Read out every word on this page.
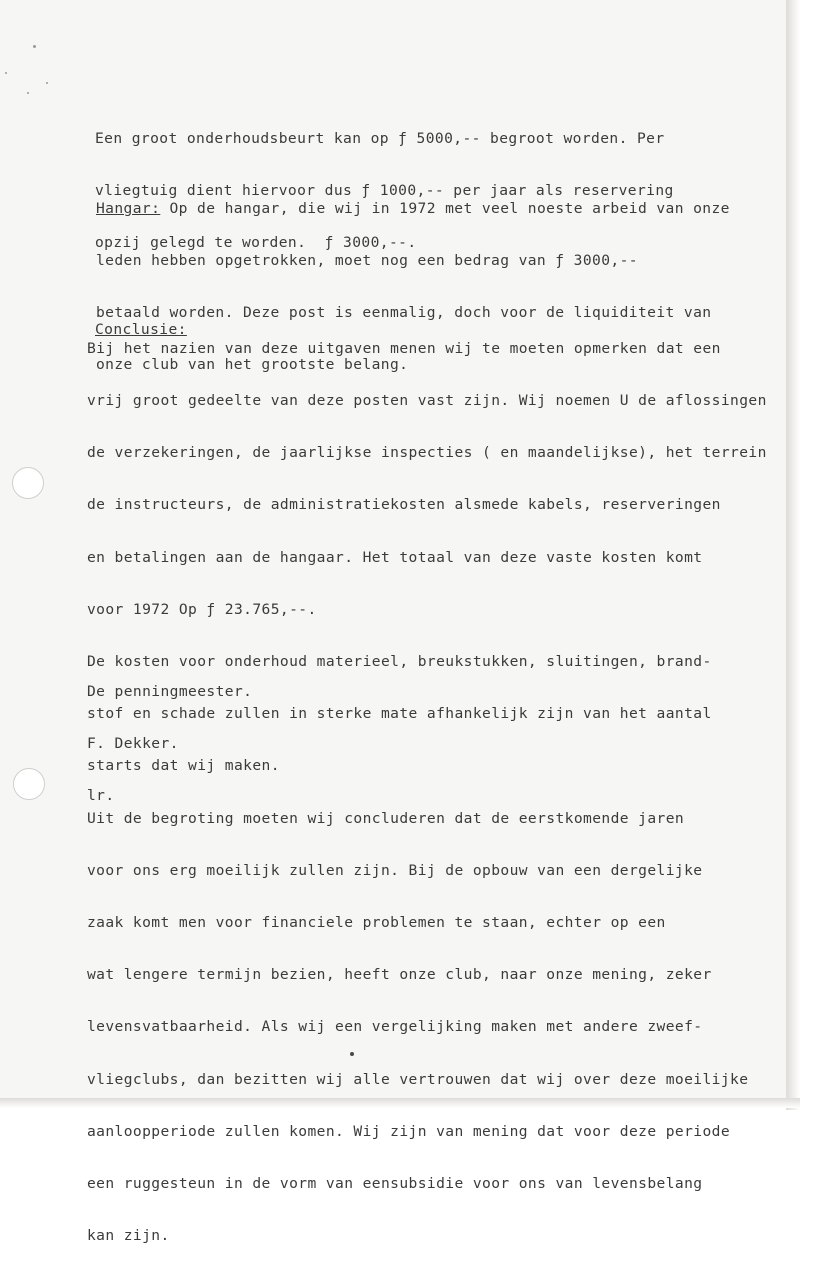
Een groot onderhoudsbeurt kan op ƒ 5000,-- begroot worden. Per

vliegtuig dient hiervoor dus ƒ 1000,-- per jaar als reservering

opzij gelegd te worden.  ƒ 3000,--.

Hangar: Op de hangar, die wij in 1972 met veel noeste arbeid van onze

leden hebben opgetrokken, moet nog een bedrag van ƒ 3000,--

betaald worden. Deze post is eenmalig, doch voor de liquiditeit van

onze club van het grootste belang.

Conclusie:

Bij het nazien van deze uitgaven menen wij te moeten opmerken dat een

vrij groot gedeelte van deze posten vast zijn. Wij noemen U de aflossingen

de verzekeringen, de jaarlijkse inspecties ( en maandelijkse), het terrein

de instructeurs, de administratiekosten alsmede kabels, reserveringen

en betalingen aan de hangaar. Het totaal van deze vaste kosten komt

voor 1972 Op ƒ 23.765,--.

De kosten voor onderhoud materieel, breukstukken, sluitingen, brand-

stof en schade zullen in sterke mate afhankelijk zijn van het aantal

starts dat wij maken.

Uit de begroting moeten wij concluderen dat de eerstkomende jaren

voor ons erg moeilijk zullen zijn. Bij de opbouw van een dergelijke

zaak komt men voor financiele problemen te staan, echter op een

wat lengere termijn bezien, heeft onze club, naar onze mening, zeker

levensvatbaarheid. Als wij een vergelijking maken met andere zweef-

vliegclubs, dan bezitten wij alle vertrouwen dat wij over deze moeilijke

aanloopperiode zullen komen. Wij zijn van mening dat voor deze periode

een ruggesteun in de vorm van eensubsidie voor ons van levensbelang

kan zijn.

De penningmeester.

F. Dekker.

lr.
